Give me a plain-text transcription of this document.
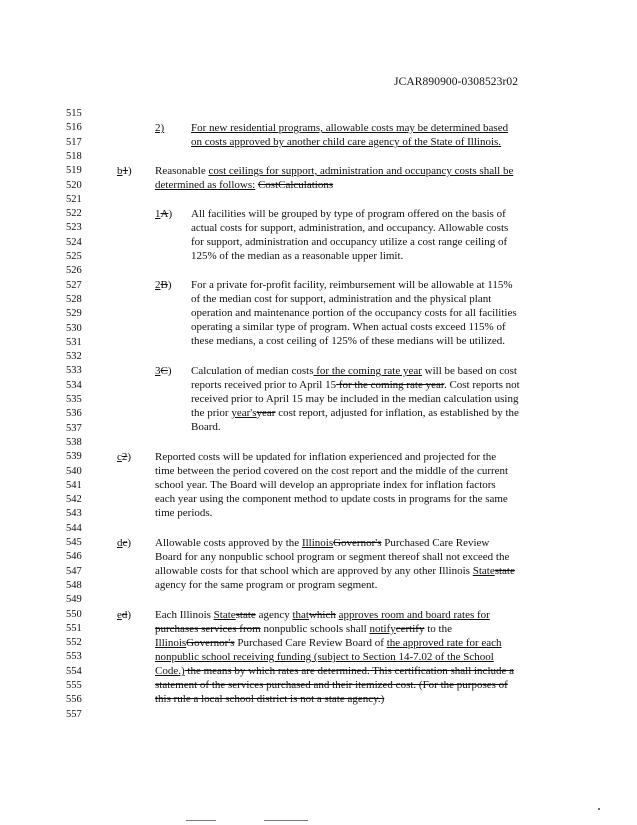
JCAR890900-0308523r02
515
516
517
518
519
520
521
522
523
524
525
526
527
528
529
530
531
532
533
534
535
536
537
538
539
540
541
542
543
544
545
546
547
548
549
550
551
552
553
554
555
556
557
2) For new residential programs, allowable costs may be determined based
on costs approved by another child care agency of the State of Illinois.
b1) Reasonable cost ceilings for support, administration and occupancy costs shall be
determined as follows: CostCalculations
1A) All facilities will be grouped by type of program offered on the basis of
actual costs for support, administration, and occupancy. Allowable costs
for support, administration and occupancy utilize a cost range ceiling of
125% of the median as a reasonable upper limit.
2B) For a private for-profit facility, reimbursement will be allowable at 115%
of the median cost for support, administration and the physical plant
operation and maintenance portion of the occupancy costs for all facilities
operating a similar type of program. When actual costs exceed 115% of
these medians, a cost ceiling of 125% of these medians will be utilized.
3C) Calculation of median costs for the coming rate year will be based on cost
reports received prior to April 15 for the coming rate year. Cost reports not
received prior to April 15 may be included in the median calculation using
the prior year'syear cost report, adjusted for inflation, as established by the
Board.
c2) Reported costs will be updated for inflation experienced and projected for the
time between the period covered on the cost report and the middle of the current
school year. The Board will develop an appropriate index for inflation factors
each year using the component method to update costs in programs for the same
time periods.
dc) Allowable costs approved by the IllinoisGovernor's Purchased Care Review
Board for any nonpublic school program or segment thereof shall not exceed the
allowable costs for that school which are approved by any other Illinois Statestate
agency for the same program or program segment.
ed) Each Illinois Statestate agency thatwhich approves room and board rates for
purchases services from nonpublic schools shall notifycertify to the
IllinoisGovernor's Purchased Care Review Board of the approved rate for each
nonpublic school receiving funding (subject to Section 14-7.02 of the School
Code.) the means by which rates are determined. This certification shall include a
statement of the services purchased and their itemized cost. (For the purposes of
this rule a local school district is not a state agency.)
